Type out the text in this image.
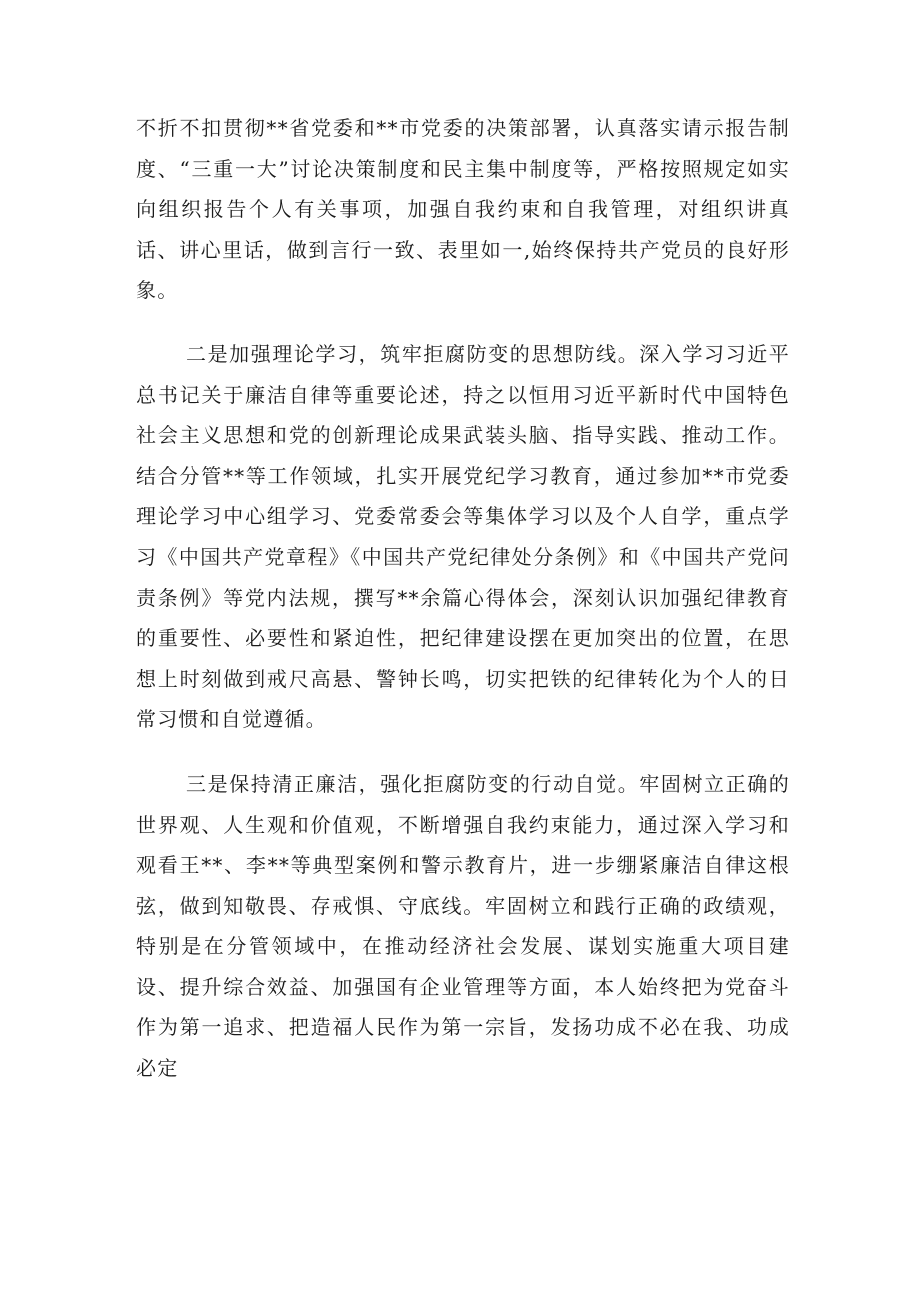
不折不扣贯彻**省党委和**市党委的决策部署，认真落实请示报告制度、“三重一大”讨论决策制度和民主集中制度等，严格按照规定如实向组织报告个人有关事项，加强自我约束和自我管理，对组织讲真话、讲心里话，做到言行一致、表里如一,始终保持共产党员的良好形象。

二是加强理论学习，筑牢拒腐防变的思想防线。深入学习习近平总书记关于廉洁自律等重要论述，持之以恒用习近平新时代中国特色社会主义思想和党的创新理论成果武装头脑、指导实践、推动工作。结合分管**等工作领域，扎实开展党纪学习教育，通过参加**市党委理论学习中心组学习、党委常委会等集体学习以及个人自学，重点学习《中国共产党章程》《中国共产党纪律处分条例》和《中国共产党问责条例》等党内法规，撰写**余篇心得体会，深刻认识加强纪律教育的重要性、必要性和紧迫性，把纪律建设摆在更加突出的位置，在思想上时刻做到戒尺高悬、警钟长鸣，切实把铁的纪律转化为个人的日常习惯和自觉遵循。

三是保持清正廉洁，强化拒腐防变的行动自觉。牢固树立正确的世界观、人生观和价值观，不断增强自我约束能力，通过深入学习和观看王**、李**等典型案例和警示教育片，进一步绷紧廉洁自律这根弦，做到知敬畏、存戒惧、守底线。牢固树立和践行正确的政绩观，特别是在分管领域中，在推动经济社会发展、谋划实施重大项目建设、提升综合效益、加强国有企业管理等方面，本人始终把为党奋斗作为第一追求、把造福人民作为第一宗旨，发扬功成不必在我、功成必定
